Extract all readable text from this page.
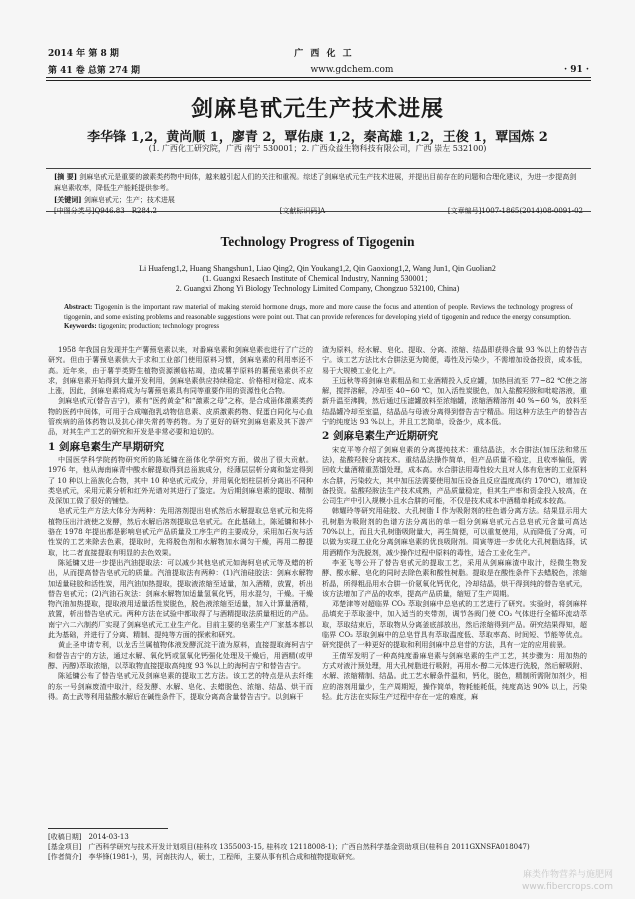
2014 年 第 8 期	广 西 化 工
第 41 卷 总第 274 期	www.gdchem.com	· 91 ·
剑麻皂甙元生产技术进展
李华锋 1,2，黄尚顺 1，廖青 2，覃佑康 1,2，秦高雄 1,2，王俊 1，覃国炼 2
(1. 广西化工研究院，广西 南宁 530001；2. 广西众益生物科技有限公司，广西 崇左 532100)
[摘 要] 剑麻皂甙元是重要的激素类药物中间体，越来越引起人们的关注和重视。综述了剑麻皂甙元生产技术进展，并提出目前存在的问题和合理化建议，为进一步提高剑麻皂素收率，降低生产能耗提供参考。
[关键词] 剑麻皂甙元；生产；技术进展
[中图分类号]Q946.83　R284.2	[文献标识码]A	[文章编号]1007-1865(2014)08-0091-02
Technology Progress of Tigogenin
Li Huafeng1,2, Huang Shangshun1, Liao Qing2, Qin Youkang1,2, Qin Gaoxiong1,2, Wang Jun1, Qin Guolian2
(1. Guangxi Resaech Institute of Chemical Industry, Nanning 530001；
2. Guangxi Zhong Yi Biology Technology Limited Company, Chongzuo 532100, China)
Abstract: Tigogenin is the important raw material of making steroid hormone drugs, more and more cause the focus and attention of people. Reviews the technology progress of tigogenin, and some existing problems and reasonable suggestions were point out. That can provide references for developing yield of tigogenin and reduce the energy consumption.
Keywords: tigogenin; production; technology progress

1958 年我国自发现并生产薯蓣皂素以来，对番麻皂素和剑麻皂素也进行了广泛的研究。但由于薯蓣皂素供大于求和工业部门使用原料习惯，剑麻皂素的利用率还不高。近年来，由于薯芋类野生植物资源濒临枯竭，造成薯芋原料的薯蓣皂素供不应求，剑麻皂素开始得到大量开发利用，剑麻皂素供应持续稳定、价格相对稳定、成本上涨，因此，剑麻皂素将成为与薯蓣皂素具有同等重要作用的资源性化合物。

剑麻皂甙元(替告吉宁)，素有“医药黄金”和“激素之母”之称，是合成甾体激素类药物的医药中间体，可用于合成噻孢乳动物信息素、皮质激素药物、促蛋白同化与心血管疾病的甾体药物以及抗心律失常药等药物。为了更好的研究剑麻皂素及其下游产品，对其生产工艺的研究和开发是非常必要和迫切的。

1 剑麻皂素生产早期研究

中国医学科学院药物研究所的陈延镛在甾体化学研究方面，做出了很大贡献。1976 年，他从海南麻青中酸水解提取得到总甾族成分，经薄层层析分离和鉴定得到了 10 种以上甾族化合物，其中 10 种皂甙元成分，并用氧化铝柱层析分离出不同种类皂甙元，采用元素分析和红外光谱对其进行了鉴定。为后期剑麻皂素的提取、精制及深加工做了很好的铺垫。

皂甙元生产方法大体分为两种：先用溶剂提出皂甙然后水解提取总皂甙元和先将植物压出汁液使之发酵，然后水解后溶剂提取总皂甙元。在此基础上，陈延镛和林小骆在 1978 年提出都是影响皂甙元产品质量及工序生产的主要成分，采用加石灰与活性炭的工艺来除去色素，提取时，先将脱色剂和水解物加水调匀干燥，再用二醇提取，比二者直接提取有明显的去色效果。

陈延镛又进一步提出汽油提取法：可以减少其他皂甙元如海柯皂甙元等及蜡的析出，从而提高替告皂甙元的质量。汽油提取法有两种：(1)汽油硅胶法：剑麻水解物加适量硅胶和活性炭，用汽油加热提取，提取液浓缩至适量，加入酒精，放置，析出替告皂甙元；(2)汽油石灰法：剑麻水解物加适量氢氧化钙，用水混匀，干燥。干燥物汽油加热提取，提取液用适量活性炭脱色，脱色液浓缩至适量，加入计算量酒精，放置，析出替告皂甙元。两种方法在试验中都取得了与酒精提取法质量相近的产品。南宁六二六制药厂实现了剑麻皂甙元工业生产化。目前主要的皂素生产厂家基本都以此为基础，并进行了分离、精制、提纯等方面的探索和研究。

黄止圣申请专利，以龙舌兰属植物体液发酵沉淀干渣为原料，直接提取海柯吉宁和替告吉宁的方法，通过水解、氧化钙或氢氧化钙强化处理及干燥后，用酒精(或甲醇、丙醇)萃取浓缩，以萃取物直接提取高纯度 93 %以上的海柯吉宁和替告吉宁。

陈延镛公布了替告皂甙元及剑麻皂素的提取工艺方法。该工艺的特点是从去纤维的东一号剑麻废渣中取汁，经发酵、水解、皂化、去蜡脱色、浓缩、结晶、烘干而得。高士武等利用盐酸水解后在碱性条件下，提取分离高含量替告吉宁。以剑麻干

渣为原料，经水解、皂化、提取、分离、浓缩、结晶即获得含量 93 %以上的替告吉宁。该工艺方法比水合肼法更为简便，毒性及污染少，不需增加设备投资，成本低，易于大规模工业化上产。

王远秋等将剑麻皂素粗品和工业酒精投入反应罐，加热回流至 77~82 ℃使之溶解，搅拌溶解，冷却至 40~60 ℃，加入活性炭脱色，加入盐酸羟胺和吡啶溶液，重新升温至沸腾，然后通过压滤罐放料至浓缩罐，浓缩酒精溶剂 40 %~60 %，放料至结晶罐冷却至室温，结晶品与母液分离得到替告吉宁精品。用这种方法生产的替告吉宁的纯度达 93 %以上，并且工艺简单，设备少，成本低。

2 剑麻皂素生产近期研究

宋克平等介绍了剑麻皂素的分离提纯技术：重结晶法，水合肼法(加压法和常压法)，盐酸羟胺分离技术。重结晶法操作简单，但产品质量不稳定，且收率偏低，需回收大量酒精重蒸馏处理，成本高。水合肼法用毒性较大且对人体有危害的工业原料水合肼，污染较大，其中加压法需要使用加压设备且反应温度高(约 170℃)，增加设备投资。盐酸羟胺法生产技术成熟，产品质量稳定，但其生产率和资金投入较高，在公司生产中引入规模小且水合肼的可能，不仅是技术成本中酒精单耗成本较高。

韩耀玲等研究用硅胶、大孔树脂 I 作为吸附剂的柱色谱分离方法。结果显示用大孔树脂为吸附剂的色谱方法分离出的单一组分剑麻皂甙元占总皂甙元含量可高达 70%以上，而且大孔树脂吸附量大，再生简便，可以重复使用，从而降低了分离，可以做为实现工业化分离剑麻皂素的优良吸附剂。周寅等进一步优化大孔树脂选择，试用酒精作为洗脱剂，减少操作过程中原料的毒性，适合工业化生产。

李亚飞等公开了替告皂甙元的提取工艺，采用从剑麻麻渣中取汁，经微生物发酵、酸水解、皂化的同时去除色素和酸性树脂。提取是在酸性条件下去蜡脱色，浓缩析晶，所得粗品用水合肼一价氨氧化钙优化，冷却结晶，烘干得到纯的替告皂甙元，该方法增加了产品的收率，提高产品质量，缩短了生产周期。

邓楚津等对超临界 CO₂ 萃取剑麻中总皂甙的工艺进行了研究。实验时，将剑麻样品填充于萃取釜中，加入适当的夹带剂，调节各阀门使 CO₂ 气体进行全循环流动萃取，萃取结束后，萃取物从分离釜底部放出，然后浓缩得到产品。研究结果得知，超临界 CO₂ 萃取剑麻中的总皂苷具有萃取温度低、萃取率高、时间短、节能等优点。研究提供了一种更好的提取和利用剑麻中总皂苷的方法，具有一定的应用前景。

王倩军发明了一种高纯度番麻皂素与剑麻皂素的生产工艺，其步骤为：用加热的方式对液汁预处理，用大孔树脂进行吸附，再用水-醇二元体进行洗脱，然后解吸附、水解、浓缩精制、结晶。此工艺水解条件温和，钙化，脱色，精制所需附加剂少，相应的溶剂用量少，生产周期短，操作简单，物耗能耗低，纯度高达 90% 以上，污染轻。此方法在实际生产过程中存在一定的难度，麻

[收稿日期]　2014-03-13
[基金项目]　广西科学研究与技术开发计划项目(桂科攻 1355003-15, 桂科攻 12118008-1)；广西自然科学基金资助项目(桂科自 2011GXNSFA018047)
[作者简介]　李华锋(1981-)，男，河南扶沟人，硕士，工程师，主要从事有机合成和植物提取研究。
麻类作物营养与施肥网
www.fibercrops.com
